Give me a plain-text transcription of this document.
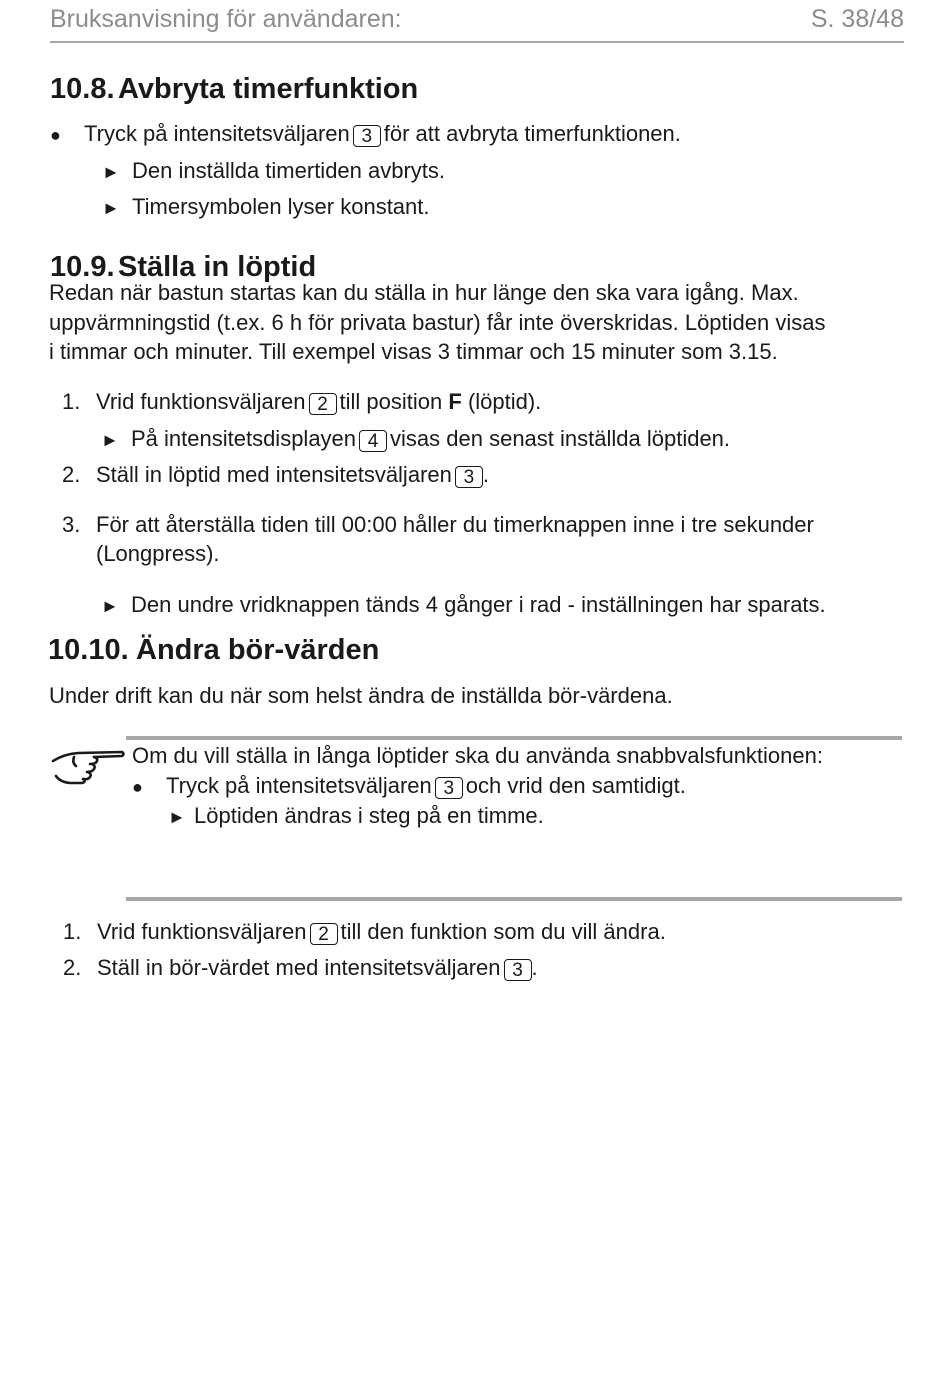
Bruksanvisning för användaren:	S. 38/48
10.8. Avbryta timerfunktion
● Tryck på intensitetsväljaren 3 för att avbryta timerfunktionen.
► Den inställda timertiden avbryts.
► Timersymbolen lyser konstant.
10.9. Ställa in löptid
Redan när bastun startas kan du ställa in hur länge den ska vara igång. Max.
uppvärmningstid (t.ex. 6 h för privata bastur) får inte överskridas. Löptiden visas
i timmar och minuter. Till exempel visas 3 timmar och 15 minuter som 3.15.
1. Vrid funktionsväljaren 2 till position F (löptid).
► På intensitetsdisplayen 4 visas den senast inställda löptiden.
2. Ställ in löptid med intensitetsväljaren 3 .
3. För att återställa tiden till 00:00 håller du timerknappen inne i tre sekunder
(Longpress).
► Den undre vridknappen tänds 4 gånger i rad - inställningen har sparats.
10.10. Ändra bör-värden
Under drift kan du när som helst ändra de inställda bör-värdena.
Om du vill ställa in långa löptider ska du använda snabbvalsfunktionen:
● Tryck på intensitetsväljaren 3 och vrid den samtidigt.
► Löptiden ändras i steg på en timme.
1. Vrid funktionsväljaren 2 till den funktion som du vill ändra.
2. Ställ in bör-värdet med intensitetsväljaren 3 .
